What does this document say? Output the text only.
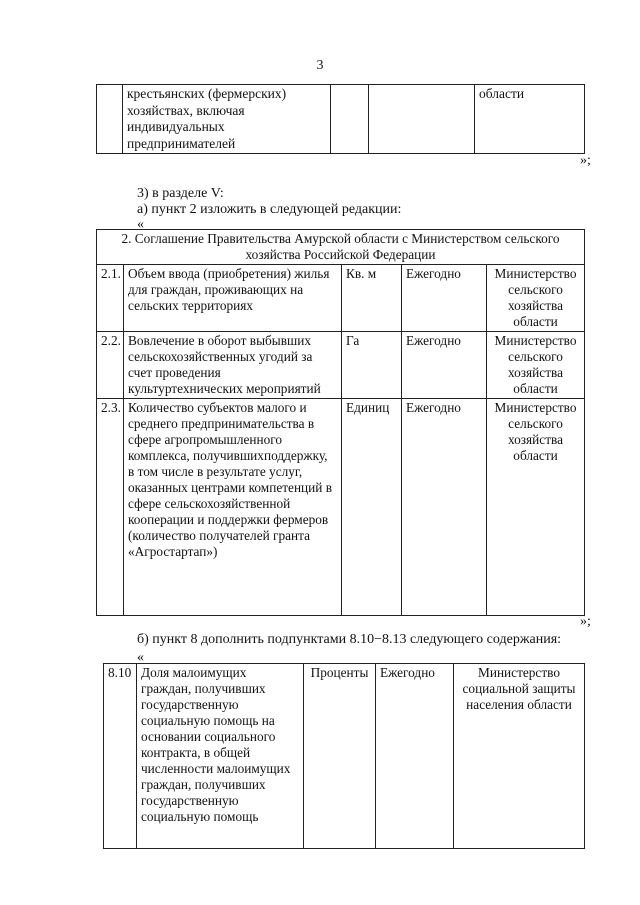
3
	крестьянских (фермерских) хозяйствах, включая индивидуальных предпринимателей			области
»;
3) в разделе V:
а) пункт 2 изложить в следующей редакции:
«
2. Соглашение Правительства Амурской области с Министерством сельского хозяйства Российской Федерации				
2.1.	Объем ввода (приобретения) жилья для граждан, проживающих на сельских территориях	Кв. м	Ежегодно	Министерство сельского хозяйства области
2.2.	Вовлечение в оборот выбывших сельскохозяйственных угодий за счет проведения культуртехнических мероприятий	Га	Ежегодно	Министерство сельского хозяйства области
2.3.	Количество субъектов малого и среднего предпринимательства в сфере агропромышленного комплекса, получившихподдержку, в том числе в результате услуг, оказанных центрами компетенций в сфере сельскохозяйственной кооперации и поддержки фермеров (количество получателей гранта «Агростартап»)	Единиц	Ежегодно	Министерство сельского хозяйства области
»;
б) пункт 8 дополнить подпунктами 8.10−8.13 следующего содержания:
«
8.10	Доля малоимущих граждан, получивших государственную социальную помощь на основании социального контракта, в общей численности малоимущих граждан, получивших государственную социальную помощь	Проценты	Ежегодно	Министерство социальной защиты населения области
